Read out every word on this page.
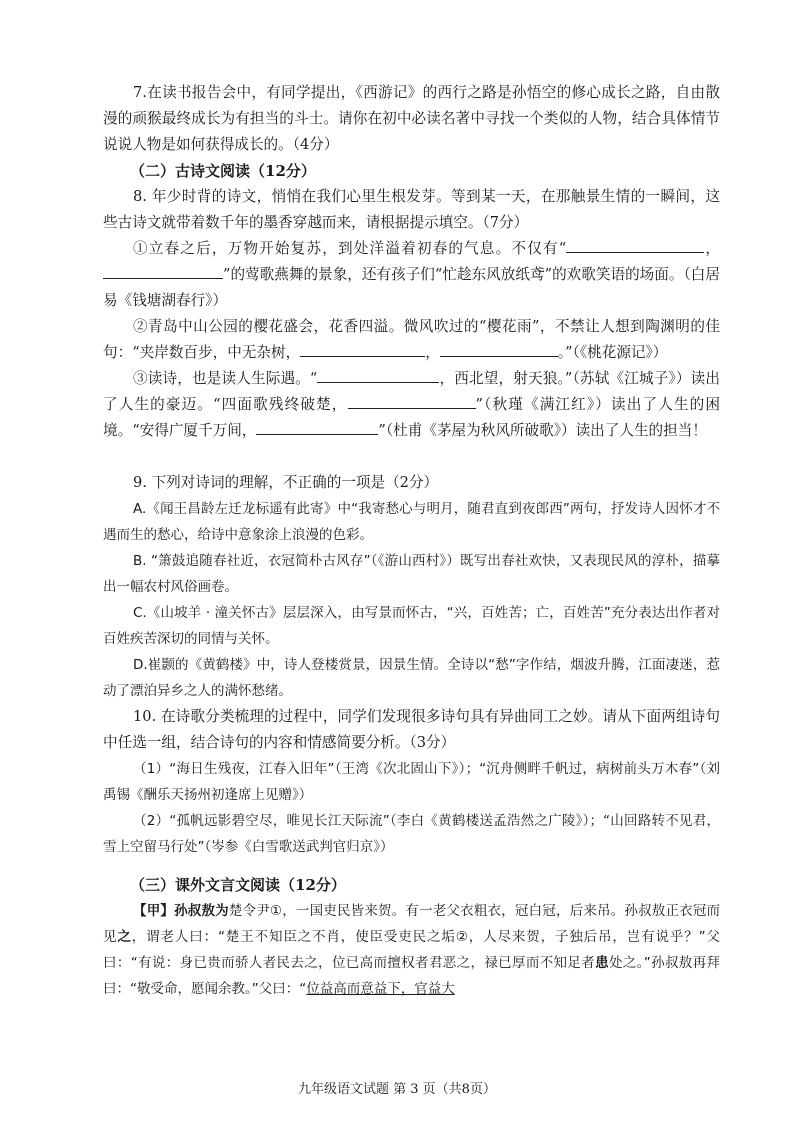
7.在读书报告会中，有同学提出，《西游记》的西行之路是孙悟空的修心成长之路，自由散漫的顽猴最终成长为有担当的斗士。请你在初中必读名著中寻找一个类似的人物，结合具体情节说说人物是如何获得成长的。（4分）
（二）古诗文阅读（12分）
8. 年少时背的诗文，悄悄在我们心里生根发芽。等到某一天，在那触景生情的一瞬间，这些古诗文就带着数千年的墨香穿越而来，请根据提示填空。（7分）
①立春之后，万物开始复苏，到处洋溢着初春的气息。不仅有“	，”的莺歌燕舞的景象，还有孩子们“忙趁东风放纸鸢”的欢歌笑语的场面。（白居易《钱塘湖春行》）
②青岛中山公园的樱花盛会，花香四溢。微风吹过的“樱花雨”，不禁让人想到陶渊明的佳句：“夹岸数百步，中无杂树，	，	。”（《桃花源记》）
③读诗，也是读人生际遇。“	，西北望，射天狼。”（苏轼《江城子》）读出了人生的豪迈。“四面歌残终破楚，	”（秋瑾《满江红》）读出了人生的困境。“安得广厦千万间，	”（杜甫《茅屋为秋风所破歌》）读出了人生的担当！
9. 下列对诗词的理解，不正确的一项是（2分）
A.《闻王昌龄左迁龙标遥有此寄》中“我寄愁心与明月，随君直到夜郎西”两句，抒发诗人因怀才不遇而生的愁心，给诗中意象涂上浪漫的色彩。
B. “箫鼓追随春社近，衣冠简朴古风存”（《游山西村》）既写出春社欢快，又表现民风的淳朴，描摹出一幅农村风俗画卷。
C.《山坡羊 · 潼关怀古》层层深入，由写景而怀古，“兴，百姓苦；亡，百姓苦”充分表达出作者对百姓疾苦深切的同情与关怀。
D.崔颢的《黄鹤楼》中，诗人登楼赏景，因景生情。全诗以“愁”字作结，烟波升腾，江面凄迷，惹动了漂泊异乡之人的满怀愁绪。
10. 在诗歌分类梳理的过程中，同学们发现很多诗句具有异曲同工之妙。请从下面两组诗句中任选一组，结合诗句的内容和情感简要分析。（3分）
（1）“海日生残夜，江春入旧年”（王湾《次北固山下》）；“沉舟侧畔千帆过，病树前头万木春”（刘禹锡《酬乐天扬州初逢席上见赠》）
（2）“孤帆远影碧空尽，唯见长江天际流”（李白《黄鹤楼送孟浩然之广陵》）；“山回路转不见君，雪上空留马行处”（岑参《白雪歌送武判官归京》）
（三）课外文言文阅读（12分）
【甲】孙叔敖为楚令尹①，一国吏民皆来贺。有一老父衣粗衣，冠白冠，后来吊。孙叔敖正衣冠而见之，谓老人曰：“楚王不知臣之不肖，使臣受吏民之垢②，人尽来贺，子独后吊，岂有说乎？”父曰：“有说：身已贵而骄人者民去之，位已高而擅权者君恶之，禄已厚而不知足者患处之。”孙叔敖再拜曰：“敬受命，愿闻余教。”父曰：“位益高而意益下，官益大
九年级语文试题 第 3 页（共8页）
